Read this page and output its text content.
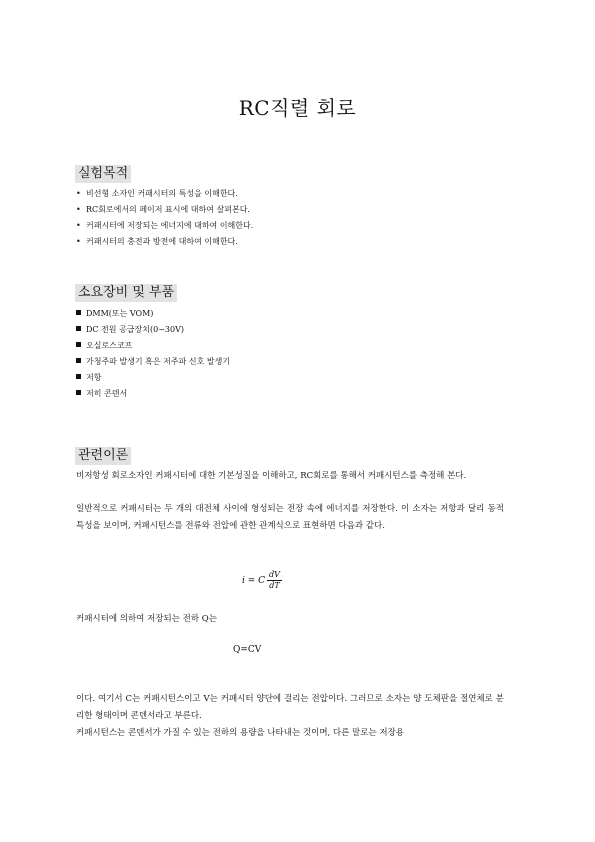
RC직렬 회로
실험목적
• 비선형 소자인 커패시터의 특성을 이해한다.
• RC회로에서의 페이저 표시에 대하여 살펴본다.
• 커패시터에 저장되는 에너지에 대하여 이해한다.
• 커패시터의 충전과 방전에 대하여 이해한다.
소요장비 및 부품
DMM(또는 VOM)
DC 전원 공급장치(0~30V)
오실로스코프
가청주파 발생기 혹은 저주파 신호 발생기
저항
저히 콘덴서
관련이론

비저항성 회로소자인 커패시터에 대한 기본성질을 이해하고, RC회로를 통해서 커패시턴스를 측정해 본다.

일반적으로 커패시터는 두 개의 대전체 사이에 형성되는 전장 속에 에너지를 저장한다. 이 소자는 저항과 달리 동적 특성을 보이며, 커패시턴스를 전류와 전압에 관한 관계식으로 표현하면 다음과 같다.

i = C $\frac{dV}{dT}$

커패시터에 의하여 저장되는 전하 Q는

Q=CV

이다. 여기서 C는 커패시턴스이고 V는 커패시터 양단에 걸리는 전압이다. 그러므로 소자는 양 도체판을 절연체로 분리한 형태이며 콘덴서라고 부른다.

커패시턴스는 콘덴서가 가질 수 있는 전하의 용량을 나타내는 것이며, 다른 말로는 저장용
